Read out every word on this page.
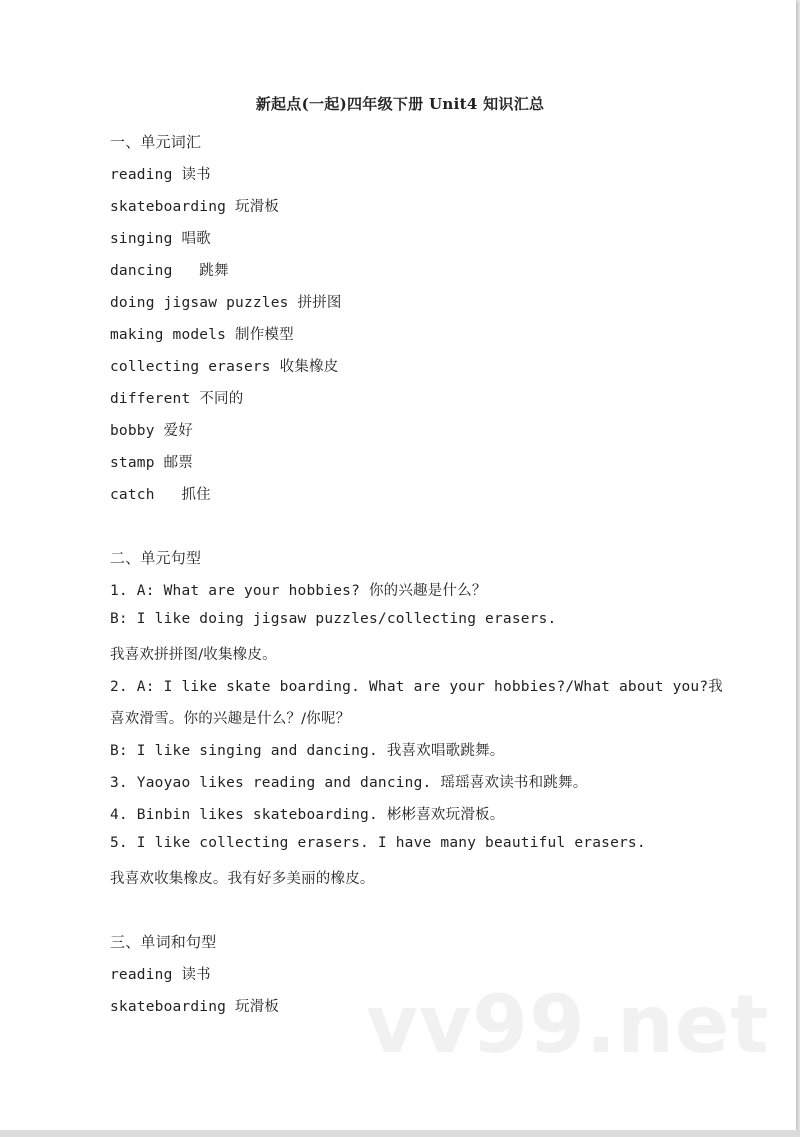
新起点(一起)四年级下册 Unit4 知识汇总
一、单元词汇
reading 读书
skateboarding 玩滑板
singing 唱歌
dancing   跳舞
doing jigsaw puzzles 拼拼图
making models 制作模型
collecting erasers 收集橡皮
different 不同的
bobby 爱好
stamp 邮票
catch   抓住
二、单元句型
1. A: What are your hobbies? 你的兴趣是什么？
B: I like doing jigsaw puzzles/collecting erasers.
我喜欢拼拼图/收集橡皮。
2. A: I like skate boarding. What are your hobbies?/What about you?我
喜欢滑雪。你的兴趣是什么？/你呢？
B: I like singing and dancing. 我喜欢唱歌跳舞。
3. Yaoyao likes reading and dancing. 瑶瑶喜欢读书和跳舞。
4. Binbin likes skateboarding. 彬彬喜欢玩滑板。
5. I like collecting erasers. I have many beautiful erasers.
我喜欢收集橡皮。我有好多美丽的橡皮。
三、单词和句型
reading 读书
skateboarding 玩滑板 vv99.net
